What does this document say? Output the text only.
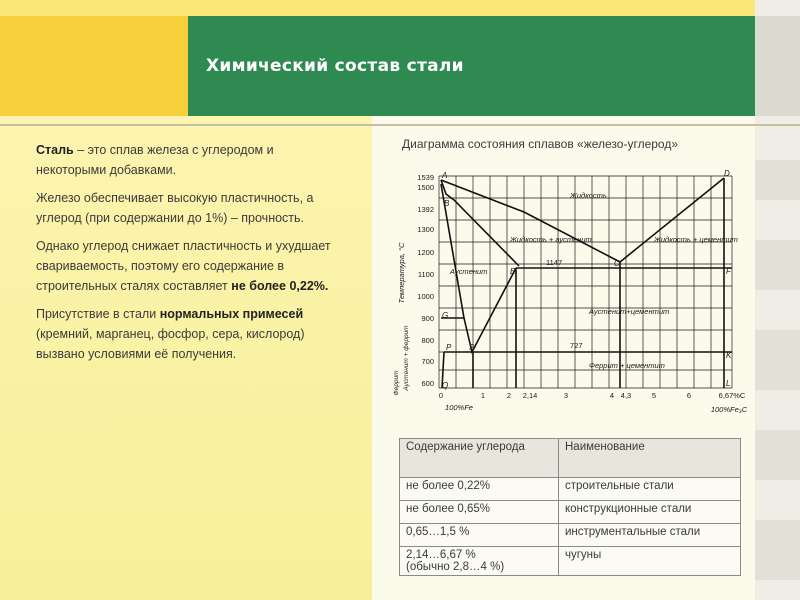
Химический состав стали

Сталь – это сплав железа с углеродом и некоторыми добавками.

Железо обеспечивает высокую пластичность, а углерод (при содержании до 1%) – прочность.

Однако углерод снижает пластичность и ухудшает свариваемость, поэтому его содержание в строительных сталях составляет не более 0,22%.

Присутствие в стали нормальных примесей (кремний, марганец, фосфор, сера, кислород) вызвано условиями её получения.

Диаграмма состояния сплавов «железо-углерод»
1539
1500
1392
1300
1200
1100
1000
900
800
700
600
Температура, °C
Аустенит + феррит
Феррит	0	1	2 2,14	3	4 4,3	5	6	6,67%C
100%Fe	100%Fe₃C
A
B
D
E
C
F
G
S
P
Q
K
L
1147
727
Жидкость
Жидкость + аустенит	Жидкость + цементит
Аустенит
Аустенит+цементит
Феррит + цементит
Содержание углерода	Наименование
не более 0,22%	строительные стали
не более 0,65%	конструкционные стали
0,65…1,5 %	инструментальные стали
2,14…6,67 %
(обычно 2,8…4 %)	чугуны
